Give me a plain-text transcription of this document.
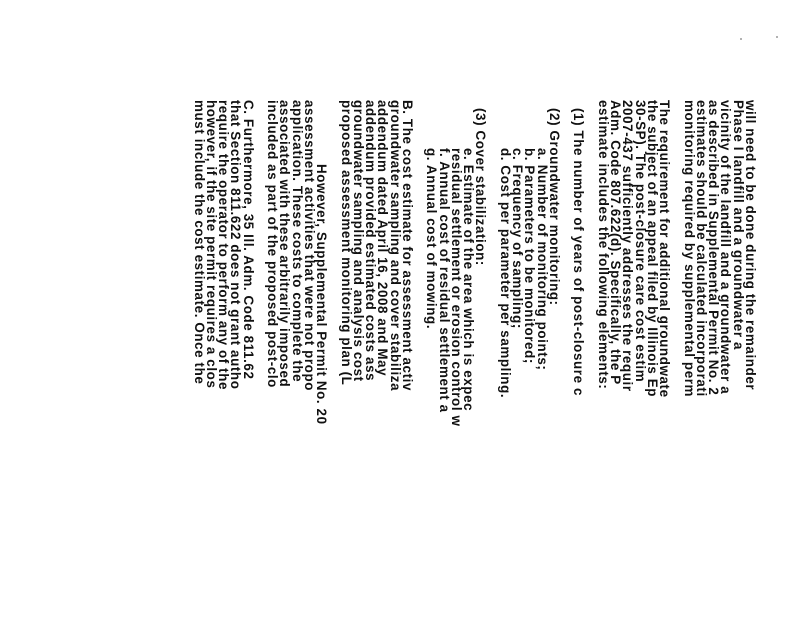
will need to be done during the remainder
Phase I landfill and a groundwater a
vicinity of the landfill and a groundwater a
as described in Supplemental Permit No. 2
estimates should be calculated incorporati
monitoring required by supplemental perm
The requirement for additional groundwate
the subject of an appeal filed by Illinois Ep
30-SP). The post-closure care cost estim
2007-437 sufficiently addresses the requir
Adm. Code 807.622(d). Specifically, the P
estimate includes the following elements:
(1) The number of years of post-closure c
(2) Groundwater monitoring:
a. Number of monitoring points;
b. Parameters to be monitored;
c. Frequency of sampling;
d. Cost per parameter per sampling.
(3) Cover stabilization:
e. Estimate of the area which is expec
residual settlement or erosion control w
f. Annual cost of residual settlement a
g. Annual cost of mowing.
B. The cost estimate for assessment activ
groundwater sampling and cover stabiliza
addendum dated April 16, 2008 and May
addendum provided estimated costs ass
groundwater sampling and analysis cost
proposed assessment monitoring plan (L
However, Supplemental Permit No. 20
assessment activities that were not propo
application. These costs to complete the
associated with these arbitrarily imposed
included as part of the proposed post-clo
C. Furthermore, 35 Ill. Adm. Code 811.62
that Section 811.622 does not grant autho
require the operator to perform any of the
however, if the site permit requires a clos
must include the cost estimate. Once the
